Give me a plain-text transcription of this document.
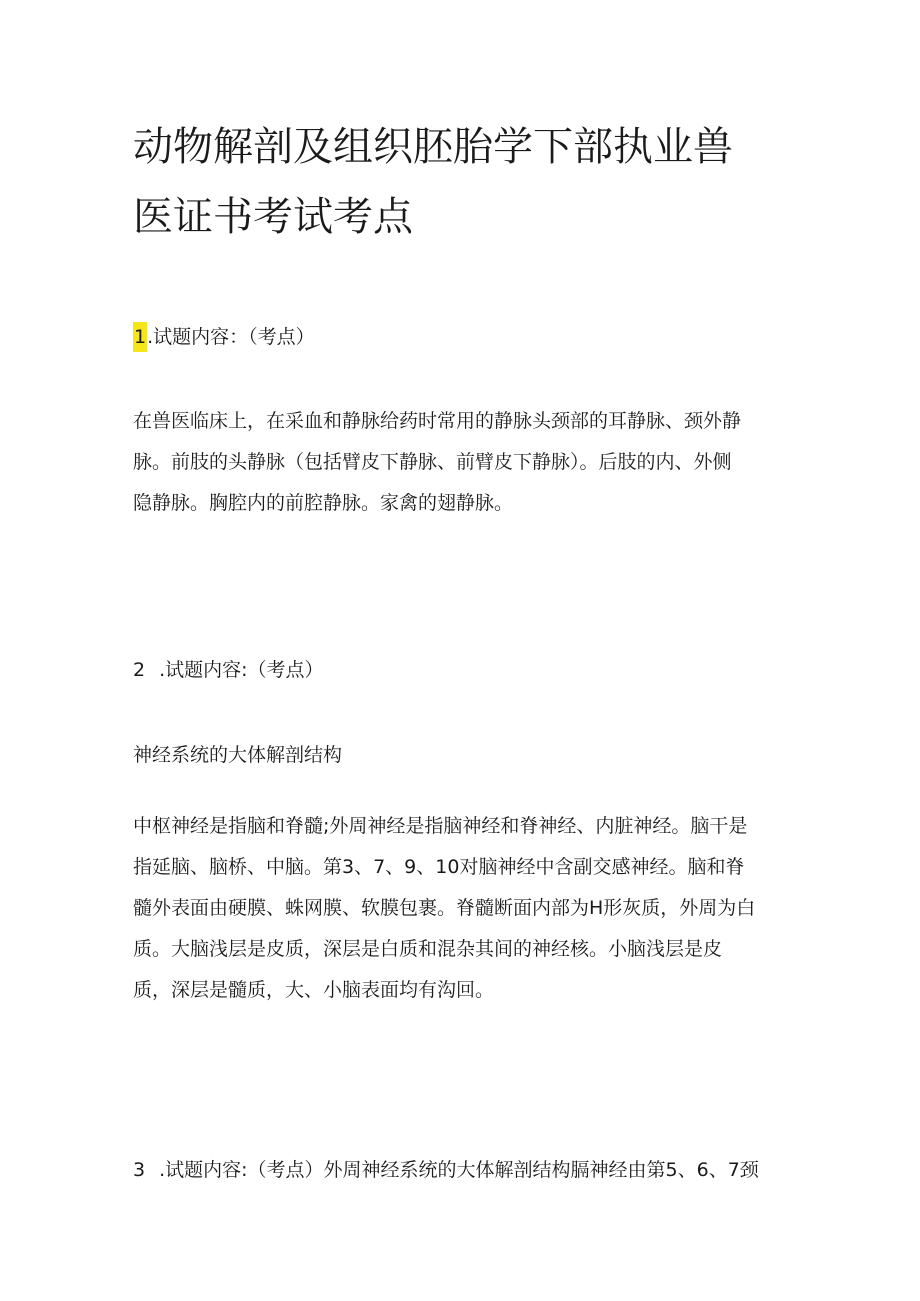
动物解剖及组织胚胎学下部执业兽
医证书考试考点

1.试题内容：（考点）

在兽医临床上，在采血和静脉给药时常用的静脉头颈部的耳静脉、颈外静
脉。前肢的头静脉（包括臂皮下静脉、前臂皮下静脉）。后肢的内、外侧
隐静脉。胸腔内的前腔静脉。家禽的翅静脉。

2 .试题内容:（考点）

神经系统的大体解剖结构

中枢神经是指脑和脊髓;外周神经是指脑神经和脊神经、内脏神经。脑干是
指延脑、脑桥、中脑。第3、7、9、10对脑神经中含副交感神经。脑和脊
髓外表面由硬膜、蛛网膜、软膜包裹。脊髓断面内部为H形灰质，外周为白
质。大脑浅层是皮质，深层是白质和混杂其间的神经核。小脑浅层是皮
质，深层是髓质，大、小脑表面均有沟回。

3 .试题内容:（考点）外周神经系统的大体解剖结构膈神经由第5、6、7颈
